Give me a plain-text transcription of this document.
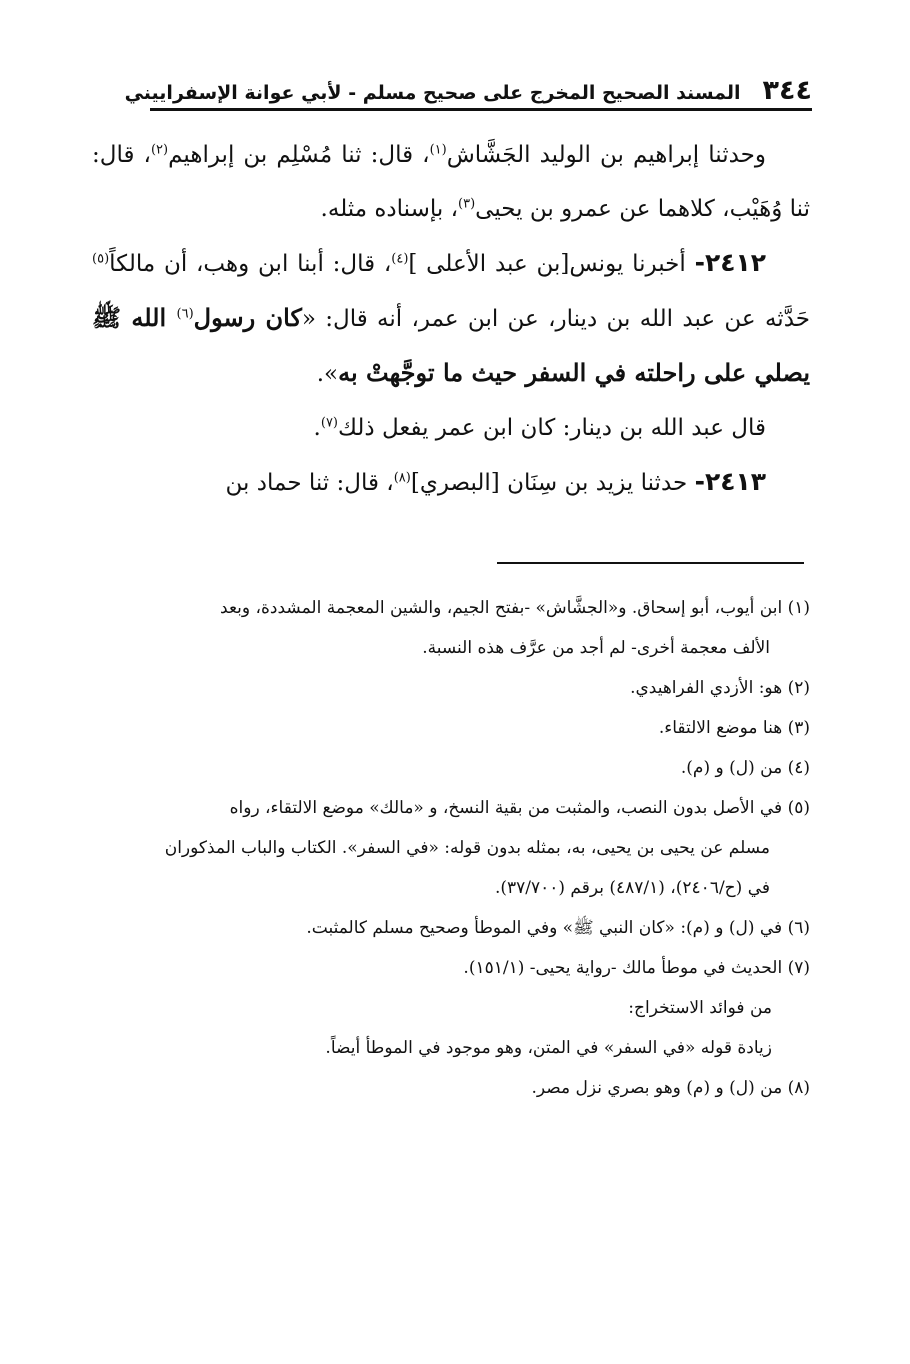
٣٤٤
المسند الصحيح المخرج على صحيح مسلم - لأبي عوانة الإسفراييني

وحدثنا إبراهيم بن الوليد الجَشَّاش$^{(١)}$، قال: ثنا مُسْلِم بن إبراهيم$^{(٢)}$، قال: ثنا وُهَيْب، كلاهما عن عمرو بن يحيى$^{(٣)}$، بإسناده مثله.

٢٤١٢- أخبرنا يونس[بن عبد الأعلى ]$^{(٤)}$، قال: أبنا ابن وهب، أن مالكاً$^{(٥)}$ حَدَّثه عن عبد الله بن دينار، عن ابن عمر، أنه قال: «كان رسول$^{(٦)}$ الله ﷺ يصلي على راحلته في السفر حيث ما توجَّهتْ به».

قال عبد الله بن دينار: كان ابن عمر يفعل ذلك$^{(٧)}$.

٢٤١٣- حدثنا يزيد بن سِنَان [البصري]$^{(٨)}$، قال: ثنا حماد بن

(١) ابن أيوب، أبو إسحاق. و«الجشَّاش» -بفتح الجيم، والشين المعجمة المشددة، وبعد

الألف معجمة أخرى- لم أجد من عرَّف هذه النسبة.

(٢) هو: الأزدي الفراهيدي.

(٣) هنا موضع الالتقاء.

(٤) من (ل) و (م).

(٥) في الأصل بدون النصب، والمثبت من بقية النسخ، و «مالك» موضع الالتقاء، رواه

مسلم عن يحيى بن يحيى، به، بمثله بدون قوله: «في السفر». الكتاب والباب المذكوران

في (ح/٢٤٠٦)، (٤٨٧/١) برقم (٣٧/٧٠٠).

(٦) في (ل) و (م): «كان النبي ﷺ» وفي الموطأ وصحيح مسلم كالمثبت.

(٧) الحديث في موطأ مالك -رواية يحيى- (١٥١/١).

من فوائد الاستخراج:

زيادة قوله «في السفر» في المتن، وهو موجود في الموطأ أيضاً.

(٨) من (ل) و (م) وهو بصري نزل مصر.
